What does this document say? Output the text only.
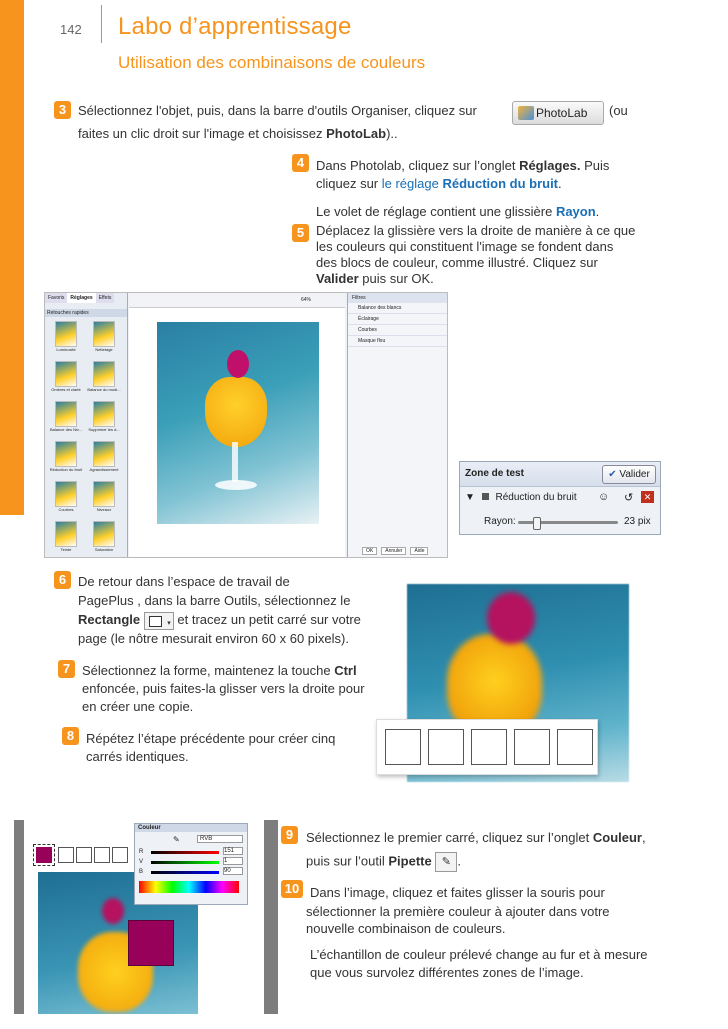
142 Labo d’apprentissage
Utilisation des combinaisons de couleurs
3 Sélectionnez l'objet, puis, dans la barre d'outils Organiser, cliquez sur	PhotoLab	(ou
faites un clic droit sur l'image et choisissez PhotoLab)..
4 Dans Photolab, cliquez sur l’onglet Réglages. Puis
cliquez sur le réglage Réduction du bruit.
Le volet de réglage contient une glissière Rayon.
5 Déplacez la glissière vers la droite de manière à ce que
les couleurs qui constituent l'image se fondent dans
des blocs de couleur, comme illustré. Cliquez sur
Valider puis sur OK.
Favoris	Réglages	Effets
Retouches rapides
Luminosité	Nettetage
Ombres et clarté	Balance du modi...
Balance des Niv...	Supprimer les d...
Réduction du bruit	Agrandissement
Courbes	Niveaux
Teinte	Saturation
64%	Filtres
Balance des blancs
Éclairage
Courbes
Masque flou
OK	Annuler	Aide
Zone de test	✔ Valider
▼ Réduction du bruit ☺ ↺	✕
Rayon:	23 pix
6 De retour dans l’espace de travail de
PagePlus , dans la barre Outils, sélectionnez le
Rectangle	▾ et tracez un petit carré sur votre
page (le nôtre mesurait environ 60 x 60 pixels).
7 Sélectionnez la forme, maintenez la touche Ctrl
enfoncée, puis faites-la glisser vers la droite pour
en créer une copie.
8 Répétez l’étape précédente pour créer cinq
carrés identiques.
Couleur
RVB
✎
R	151
V	1
B	90
9 Sélectionnez le premier carré, cliquez sur l’onglet Couleur,
puis sur l’outil Pipette ✎ .
10 Dans l’image, cliquez et faites glisser la souris pour
sélectionner la première couleur à ajouter dans votre
nouvelle combinaison de couleurs.
L’échantillon de couleur prélevé change au fur et à mesure
que vous survolez différentes zones de l’image.
